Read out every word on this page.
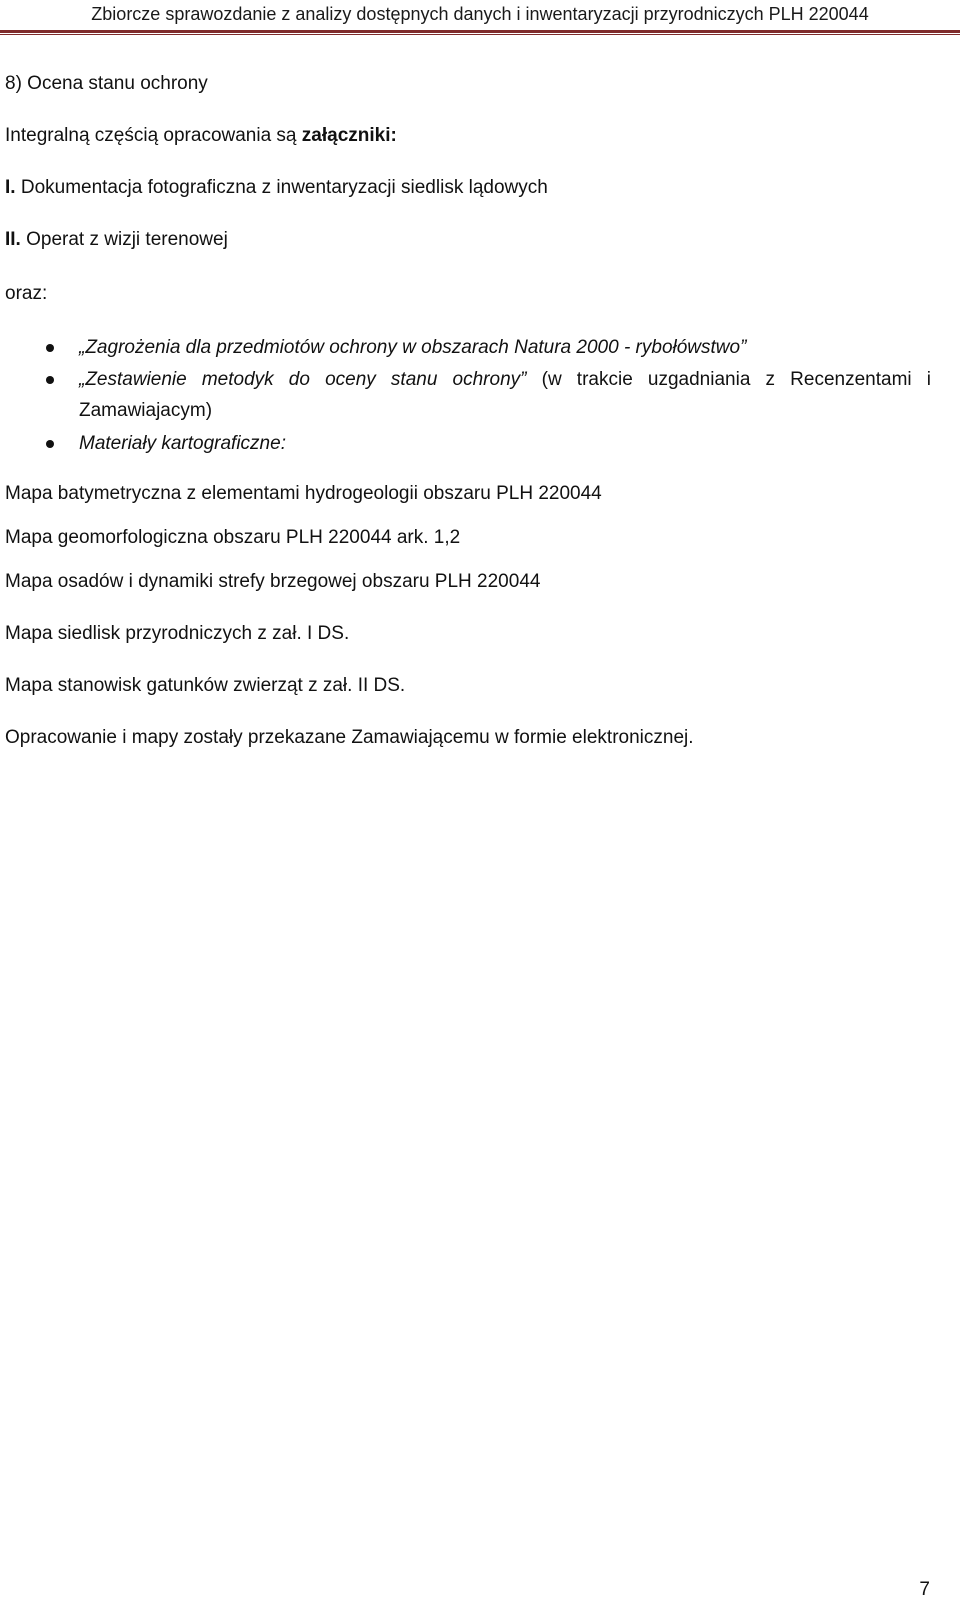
Zbiorcze sprawozdanie z analizy dostępnych danych i inwentaryzacji przyrodniczych PLH 220044
8) Ocena stanu ochrony
Integralną częścią opracowania są załączniki:
I. Dokumentacja fotograficzna z inwentaryzacji siedlisk lądowych
II. Operat z wizji terenowej
oraz:
„Zagrożenia dla przedmiotów ochrony w obszarach Natura 2000 - rybołówstwo”
„Zestawienie metodyk do oceny stanu ochrony” (w trakcie uzgadniania z Recenzentami i Zamawiajacym)
Materiały kartograficzne:
Mapa batymetryczna z elementami hydrogeologii obszaru PLH 220044
Mapa geomorfologiczna obszaru PLH 220044 ark. 1,2
Mapa osadów i dynamiki strefy brzegowej obszaru PLH 220044
Mapa siedlisk przyrodniczych z zał. I DS.
Mapa stanowisk gatunków zwierząt z zał. II DS.
Opracowanie i mapy zostały przekazane Zamawiającemu w formie elektronicznej.
7
